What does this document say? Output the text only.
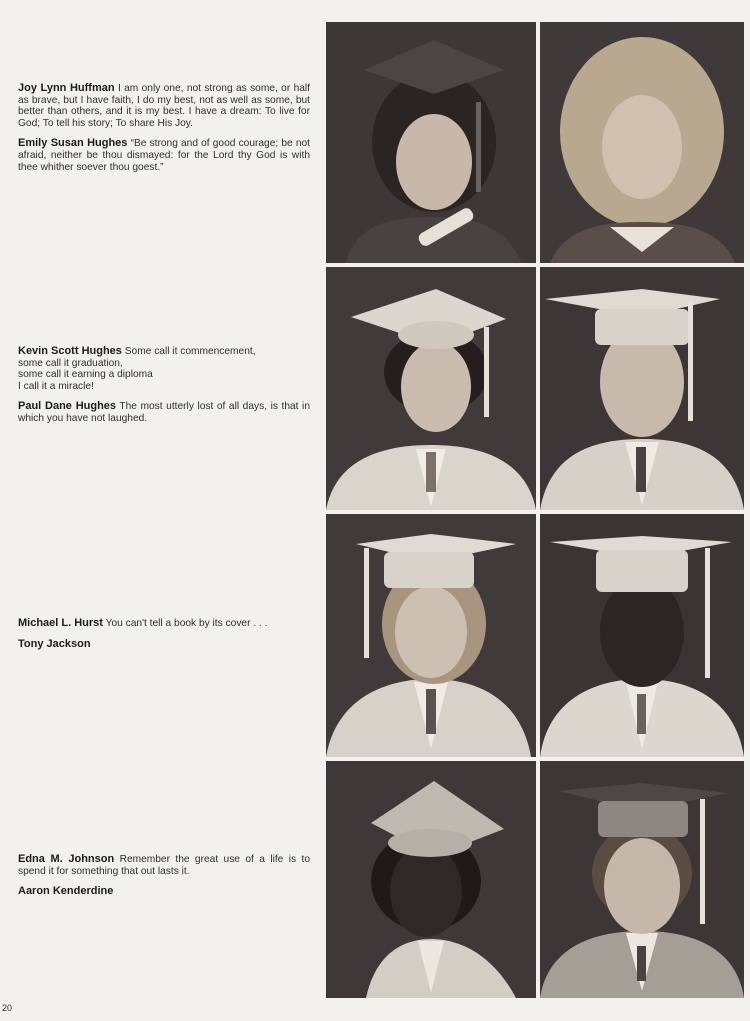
Joy Lynn Huffman I am only one, not strong as some, or half as brave, but I have faith, I do my best, not as well as some, but better than others, and it is my best. I have a dream: To live for God; To tell his story; To share His Joy.

Emily Susan Hughes “Be strong and of good courage; be not afraid, neither be thou dismayed: for the Lord thy God is with thee whither soever thou goest.”

Kevin Scott Hughes Some call it commencement,
some call it graduation,
some call it earning a diploma
I call it a miracle!

Paul Dane Hughes The most utterly lost of all days, is that in which you have not laughed.

Michael L. Hurst You can't tell a book by its cover . . .

Tony Jackson

Edna M. Johnson Remember the great use of a life is to spend it for something that out lasts it.

Aaron Kenderdine

20
